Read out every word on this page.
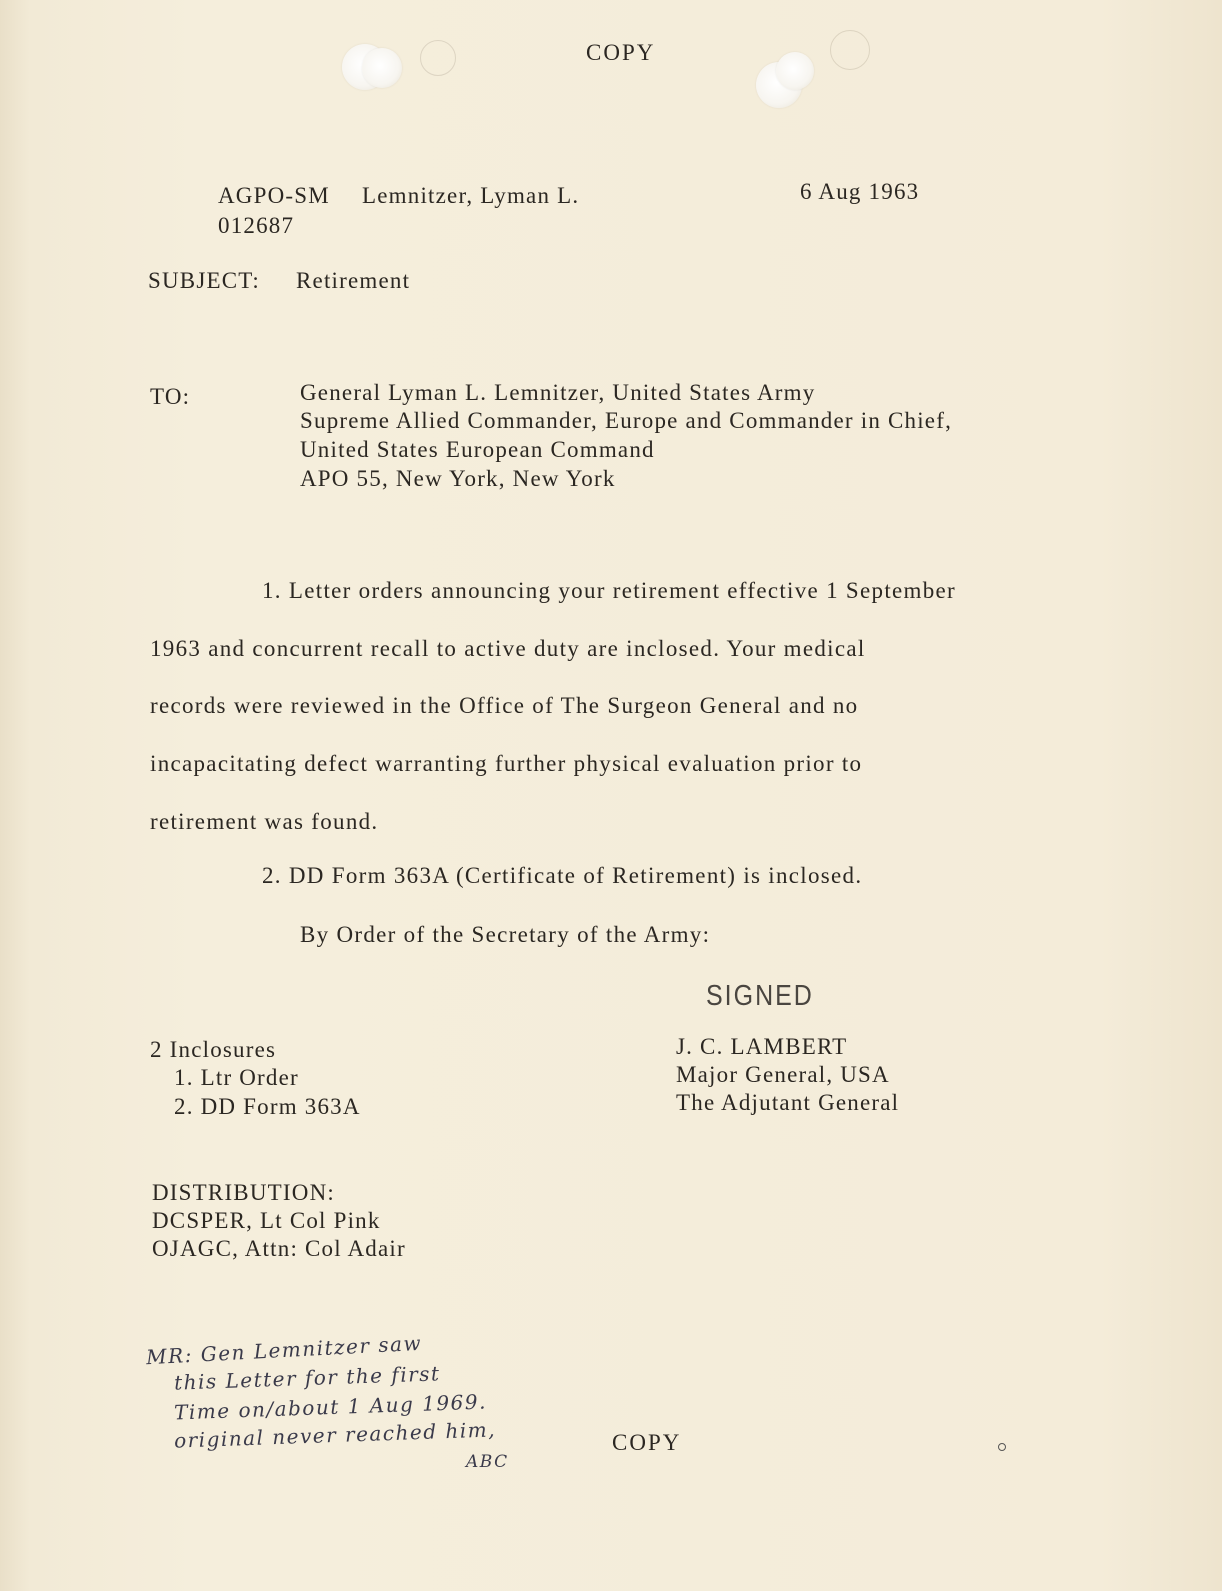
COPY
AGPO-SM Lemnitzer, Lyman L.	6 Aug 1963
012687
SUBJECT: Retirement
TO:	General Lyman L. Lemnitzer, United States Army
Supreme Allied Commander, Europe and Commander in Chief,
United States European Command
APO 55, New York, New York
1. Letter orders announcing your retirement effective 1 September
1963 and concurrent recall to active duty are inclosed. Your medical
records were reviewed in the Office of The Surgeon General and no
incapacitating defect warranting further physical evaluation prior to
retirement was found.
2. DD Form 363A (Certificate of Retirement) is inclosed.
By Order of the Secretary of the Army:
SIGNED
J. C. LAMBERT
Major General, USA
The Adjutant General
2 Inclosures
1. Ltr Order
2. DD Form 363A
DISTRIBUTION:
DCSPER, Lt Col Pink
OJAGC, Attn: Col Adair
MR: Gen Lemnitzer saw
this Letter for the first
Time on/about 1 Aug 1969.
original never reached him,
ABC
COPY
